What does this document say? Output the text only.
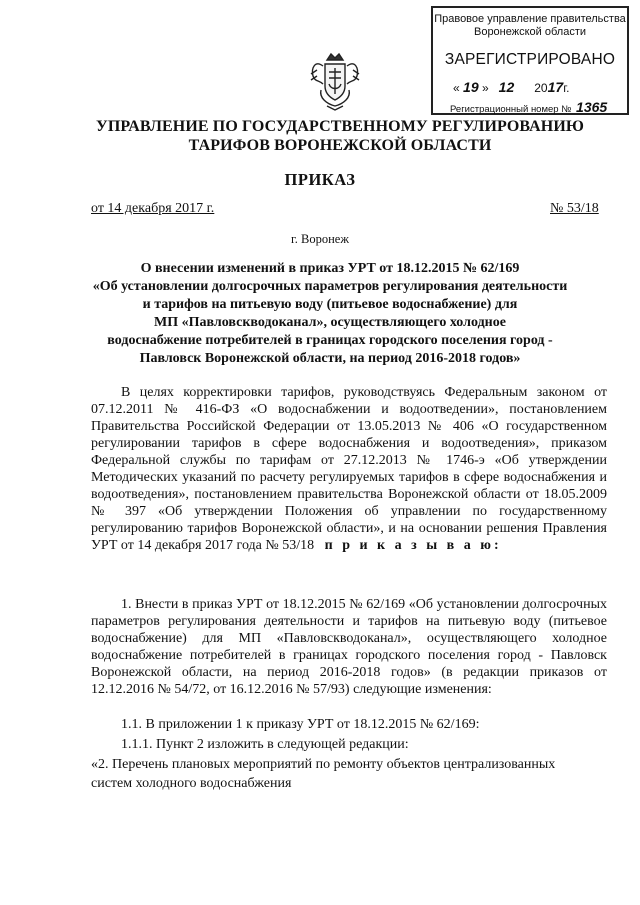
Правовое управление правительства
Воронежской области
ЗАРЕГИСТРИРОВАНО
« 19 » 12 2017г.
Регистрационный номер № 1365
УПРАВЛЕНИЕ ПО ГОСУДАРСТВЕННОМУ РЕГУЛИРОВАНИЮ
ТАРИФОВ ВОРОНЕЖСКОЙ ОБЛАСТИ
ПРИКАЗ
от 14 декабря 2017 г.	№ 53/18
г. Воронеж
О внесении изменений в приказ УРТ от 18.12.2015 № 62/169
«Об установлении долгосрочных параметров регулирования деятельности
и тарифов на питьевую воду (питьевое водоснабжение) для
МП «Павловскводоканал», осуществляющего холодное
водоснабжение потребителей в границах городского поселения город -
Павловск Воронежской области, на период 2016-2018 годов»
В целях корректировки тарифов, руководствуясь Федеральным законом от 07.12.2011 № 416-ФЗ «О водоснабжении и водоотведении», постановлением Правительства Российской Федерации от 13.05.2013 № 406 «О государственном регулировании тарифов в сфере водоснабжения и водоотведения», приказом Федеральной службы по тарифам от 27.12.2013 № 1746-э «Об утверждении Методических указаний по расчету регулируемых тарифов в сфере водоснабжения и водоотведения», постановлением правительства Воронежской области от 18.05.2009 № 397 «Об утверждении Положения об управлении по государственному регулированию тарифов Воронежской области», и на основании решения Правления УРТ от 14 декабря 2017 года № 53/18 п р и к а з ы в а ю:
1. Внести в приказ УРТ от 18.12.2015 № 62/169 «Об установлении долгосрочных параметров регулирования деятельности и тарифов на питьевую воду (питьевое водоснабжение) для МП «Павловскводоканал», осуществляющего холодное водоснабжение потребителей в границах городского поселения город - Павловск Воронежской области, на период 2016-2018 годов» (в редакции приказов от 12.12.2016 № 54/72, от 16.12.2016 № 57/93) следующие изменения:
1.1. В приложении 1 к приказу УРТ от 18.12.2015 № 62/169:
1.1.1. Пункт 2 изложить в следующей редакции:
«2. Перечень плановых мероприятий по ремонту объектов централизованных
систем холодного водоснабжения
